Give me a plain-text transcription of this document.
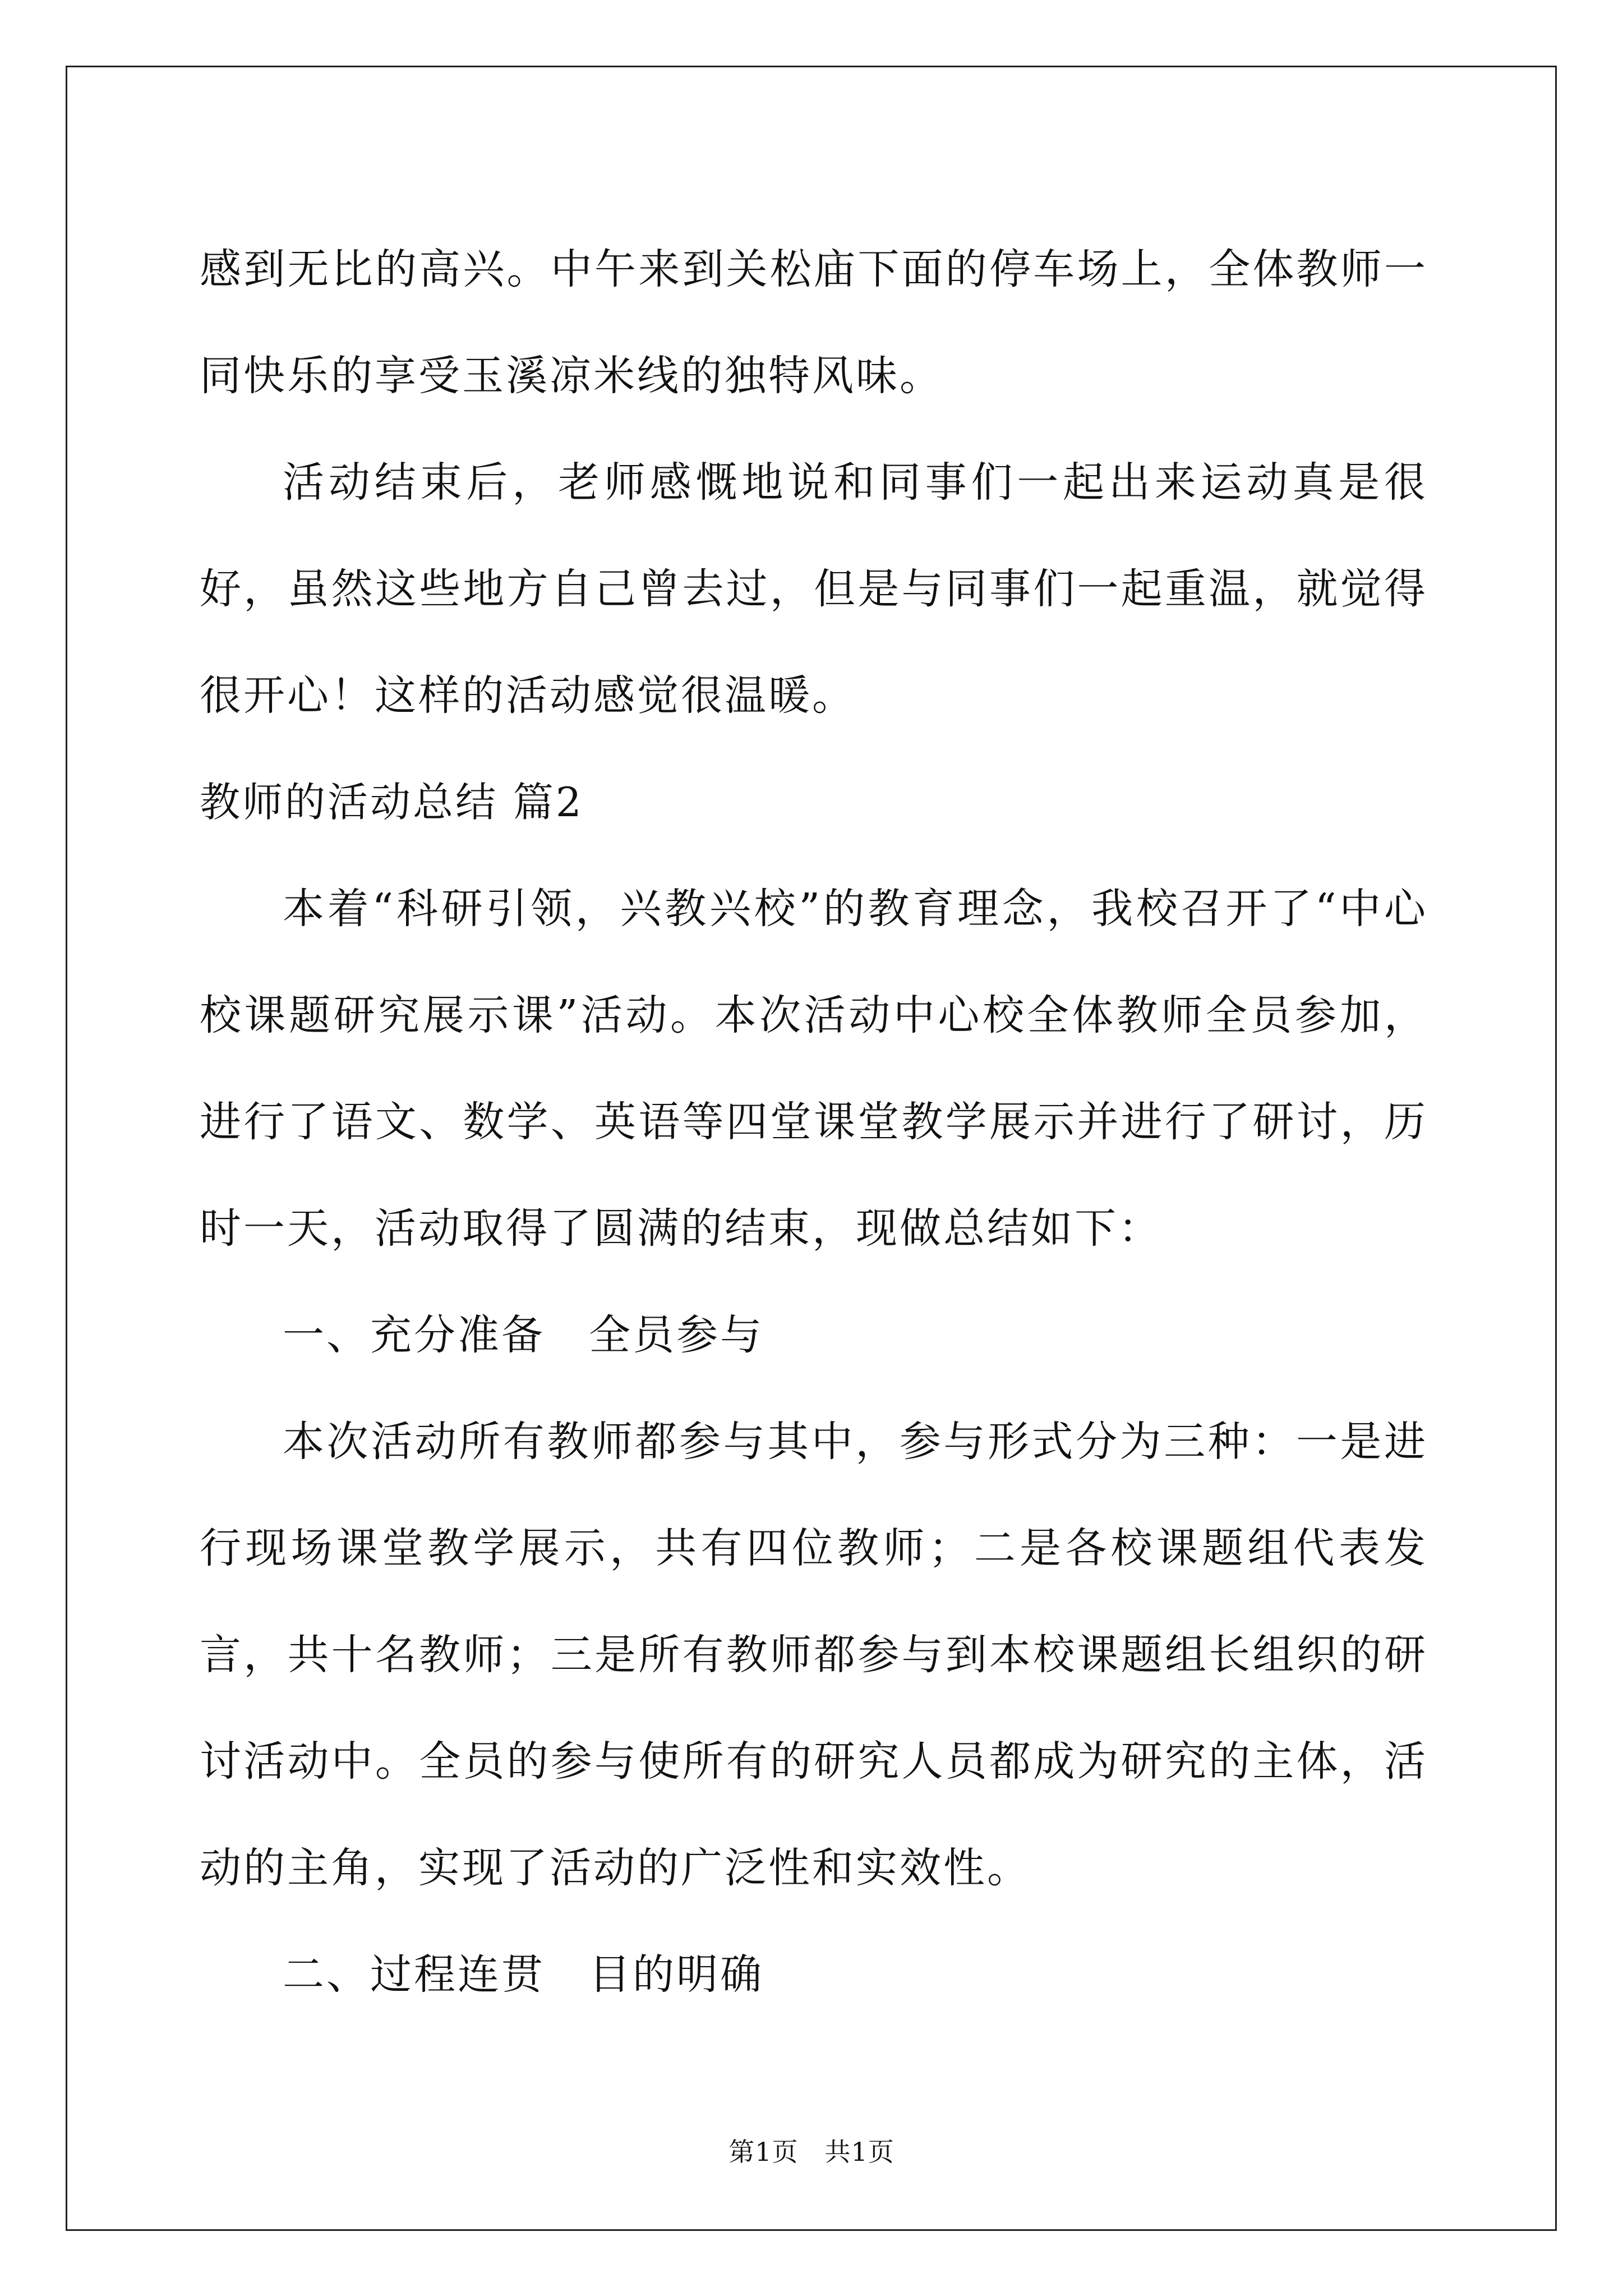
感到无比的高兴。中午来到关松庙下面的停车场上，全体教师一同快乐的享受玉溪凉米线的独特风味。

活动结束后，老师感慨地说和同事们一起出来运动真是很好，虽然这些地方自己曾去过，但是与同事们一起重温，就觉得很开心！这样的活动感觉很温暖。

教师的活动总结 篇2

本着“科研引领，兴教兴校”的教育理念，我校召开了“中心校课题研究展示课”活动。本次活动中心校全体教师全员参加，进行了语文、数学、英语等四堂课堂教学展示并进行了研讨，历时一天，活动取得了圆满的结束，现做总结如下：

一、充分准备　全员参与

本次活动所有教师都参与其中，参与形式分为三种：一是进行现场课堂教学展示，共有四位教师；二是各校课题组代表发言，共十名教师；三是所有教师都参与到本校课题组长组织的研讨活动中。全员的参与使所有的研究人员都成为研究的主体，活动的主角，实现了活动的广泛性和实效性。

二、过程连贯　目的明确

第1页　共1页
